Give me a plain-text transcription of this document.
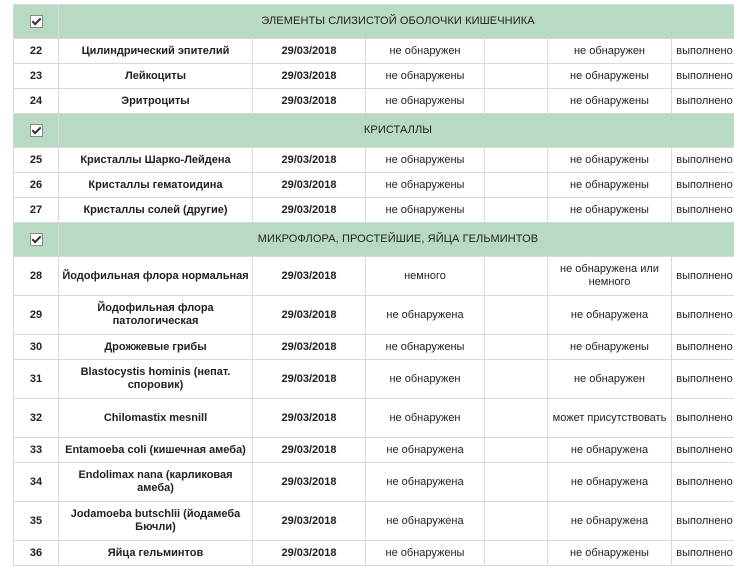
	ЭЛЕМЕНТЫ СЛИЗИСТОЙ ОБОЛОЧКИ КИШЕЧНИКА					
22	Цилиндрический эпителий	29/03/2018	не обнаружен		не обнаружен	выполнено
23	Лейкоциты	29/03/2018	не обнаружены		не обнаружены	выполнено
24	Эритроциты	29/03/2018	не обнаружены		не обнаружены	выполнено
	КРИСТАЛЛЫ					
25	Кристаллы Шарко-Лейдена	29/03/2018	не обнаружены		не обнаружены	выполнено
26	Кристаллы гематоидина	29/03/2018	не обнаружены		не обнаружены	выполнено
27	Кристаллы солей (другие)	29/03/2018	не обнаружены		не обнаружены	выполнено
	МИКРОФЛОРА, ПРОСТЕЙШИЕ, ЯЙЦА ГЕЛЬМИНТОВ					
28	Йодофильная флора нормальная	29/03/2018	немного		не обнаружена или немного	выполнено
29	Йодофильная флора патологическая	29/03/2018	не обнаружена		не обнаружена	выполнено
30	Дрожжевые грибы	29/03/2018	не обнаружены		не обнаружены	выполнено
31	Blastocystis hominis (непат. споровик)	29/03/2018	не обнаружен		не обнаружен	выполнено
32	Chilomastix mesnill	29/03/2018	не обнаружен		может присутствовать	выполнено
33	Entamoeba coli (кишечная амеба)	29/03/2018	не обнаружена		не обнаружена	выполнено
34	Endolimax nana (карликовая амеба)	29/03/2018	не обнаружена		не обнаружена	выполнено
35	Jodamoeba butschlii (йодамеба Бючли)	29/03/2018	не обнаружена		не обнаружена	выполнено
36	Яйца гельминтов	29/03/2018	не обнаружены		не обнаружены	выполнено
